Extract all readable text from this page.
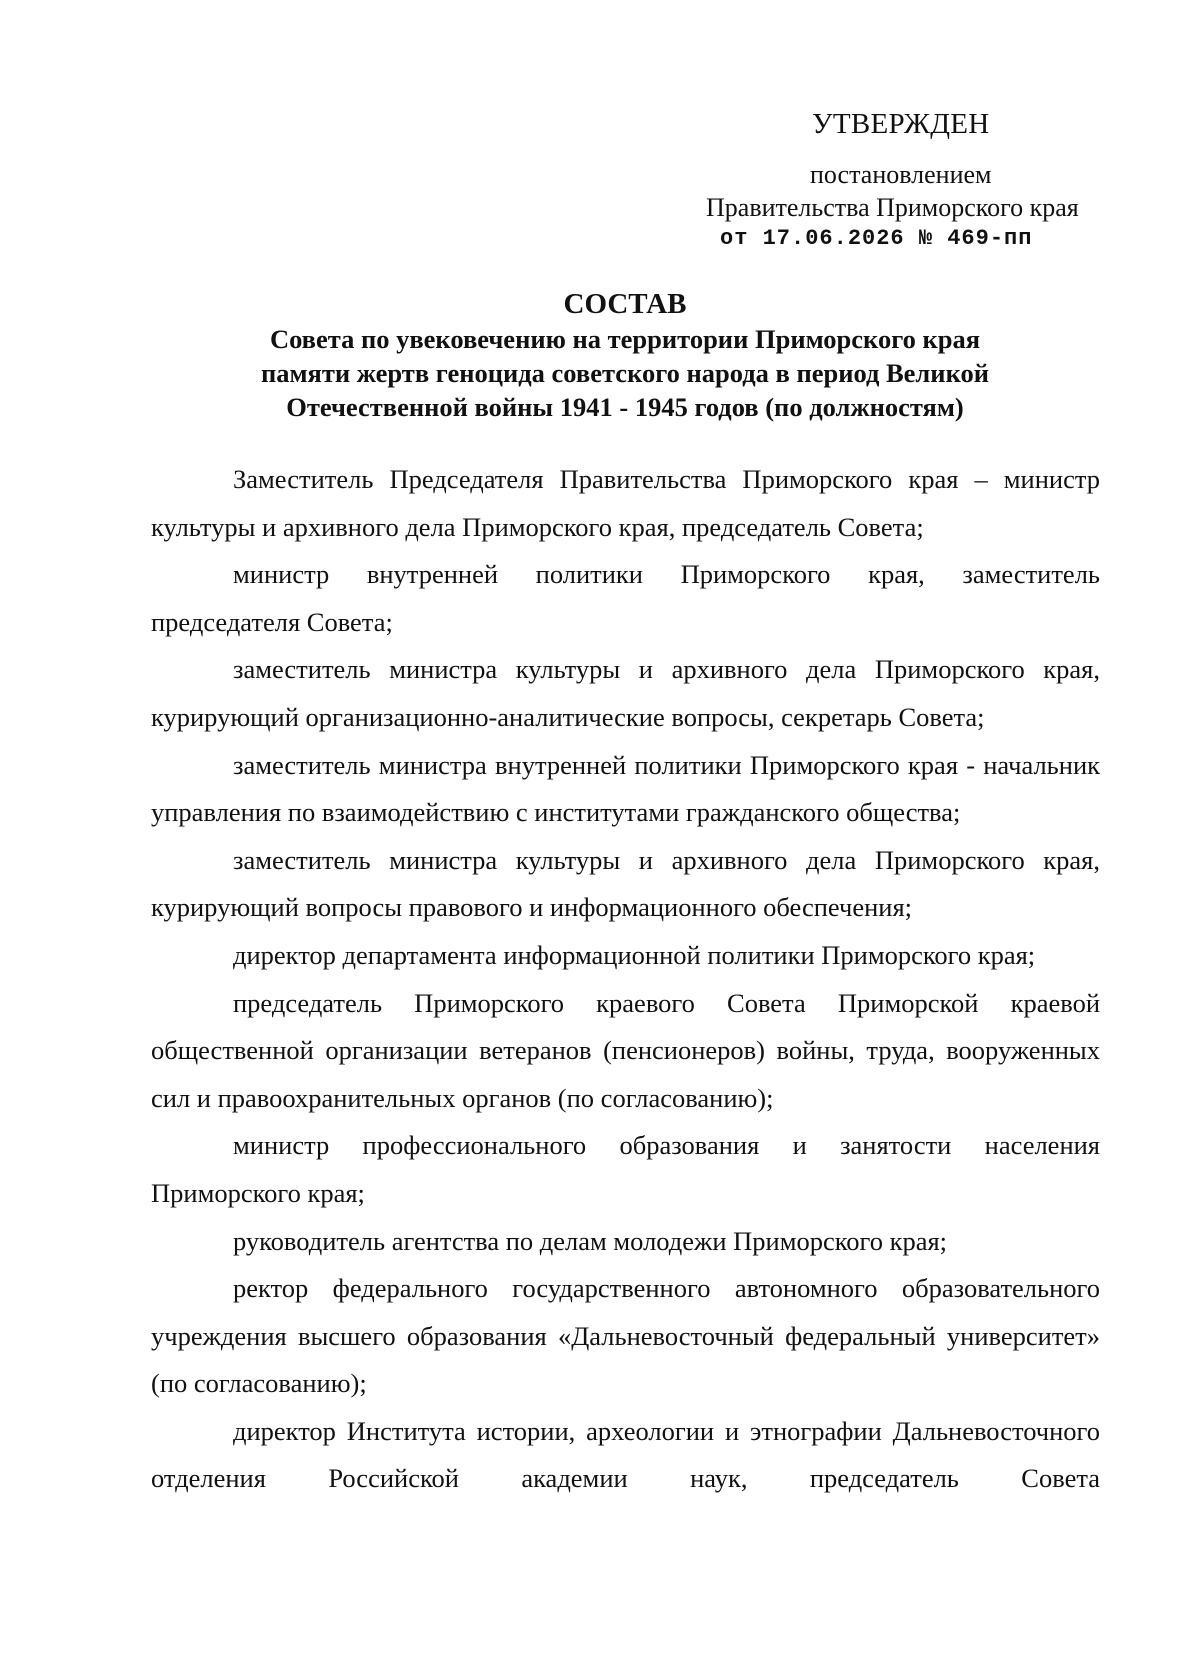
УТВЕРЖДЕН
постановлением
Правительства Приморского края
от 17.06.2026 № 469-пп
СОСТАВ
Совета по увековечению на территории Приморского края
памяти жертв геноцида советского народа в период Великой
Отечественной войны 1941 - 1945 годов (по должностям)

Заместитель Председателя Правительства Приморского края – министр культуры и архивного дела Приморского края, председатель Совета;

министр внутренней политики Приморского края, заместитель председателя Совета;

заместитель министра культуры и архивного дела Приморского края, курирующий организационно-аналитические вопросы, секретарь Совета;

заместитель министра внутренней политики Приморского края - начальник управления по взаимодействию с институтами гражданского общества;

заместитель министра культуры и архивного дела Приморского края, курирующий вопросы правового и информационного обеспечения;

директор департамента информационной политики Приморского края;

председатель Приморского краевого Совета Приморской краевой общественной организации ветеранов (пенсионеров) войны, труда, вооруженных сил и правоохранительных органов (по согласованию);

министр профессионального образования и занятости населения Приморского края;

руководитель агентства по делам молодежи Приморского края;

ректор федерального государственного автономного образовательного учреждения высшего образования «Дальневосточный федеральный университет» (по согласованию);

директор Института истории, археологии и этнографии Дальневосточного отделения Российской академии наук, председатель Совета
